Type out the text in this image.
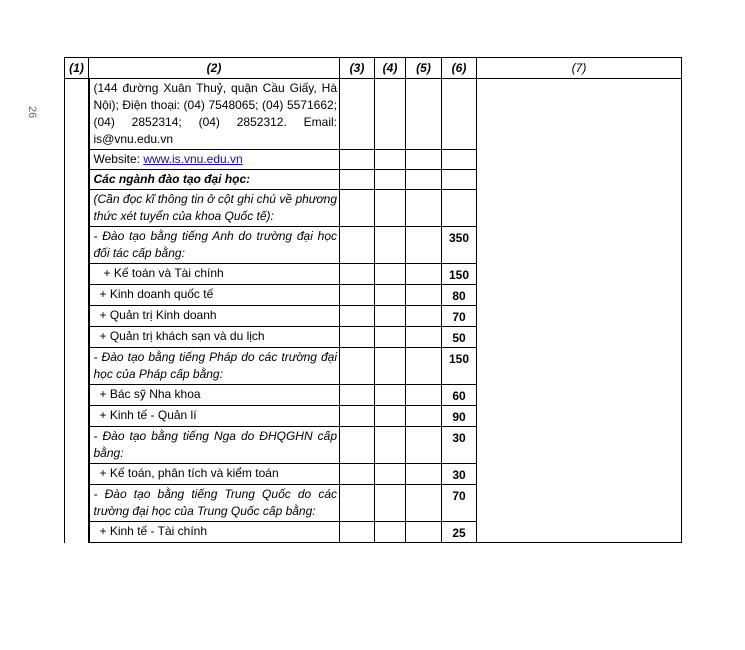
26
(1)	(2)	(3)	(4)	(5)	(6)	(7)
	(144 đường Xuân Thuỷ, quận Cầu Giấy, Hà Nội); Điện thoại: (04) 7548065; (04) 5571662; (04) 2852314; (04) 2852312. Email: is@vnu.edu.vn					
	Website: www.is.vnu.edu.vn					
	Các ngành đào tạo đại học:					
	(Cần đọc kĩ thông tin ở cột ghi chú về phương thức xét tuyển của khoa Quốc tế):					
	- Đào tạo bằng tiếng Anh do trường đại học đối tác cấp bằng:				350	
	+ Kế toán và Tài chính				150	
	+ Kinh doanh quốc tế				80	
	+ Quản trị Kinh doanh				70	
	+ Quản trị khách sạn và du lịch				50	
	- Đào tạo bằng tiếng Pháp do các trường đại học của Pháp cấp bằng:				150	
	+ Bác sỹ Nha khoa				60	
	+ Kinh tế - Quản lí				90	
	- Đào tạo bằng tiếng Nga do ĐHQGHN cấp bằng:				30	
	+ Kế toán, phân tích và kiểm toán				30	
	- Đào tạo bằng tiếng Trung Quốc do các trường đại học của Trung Quốc cấp bằng:				70	
	+ Kinh tế - Tài chính				25	
